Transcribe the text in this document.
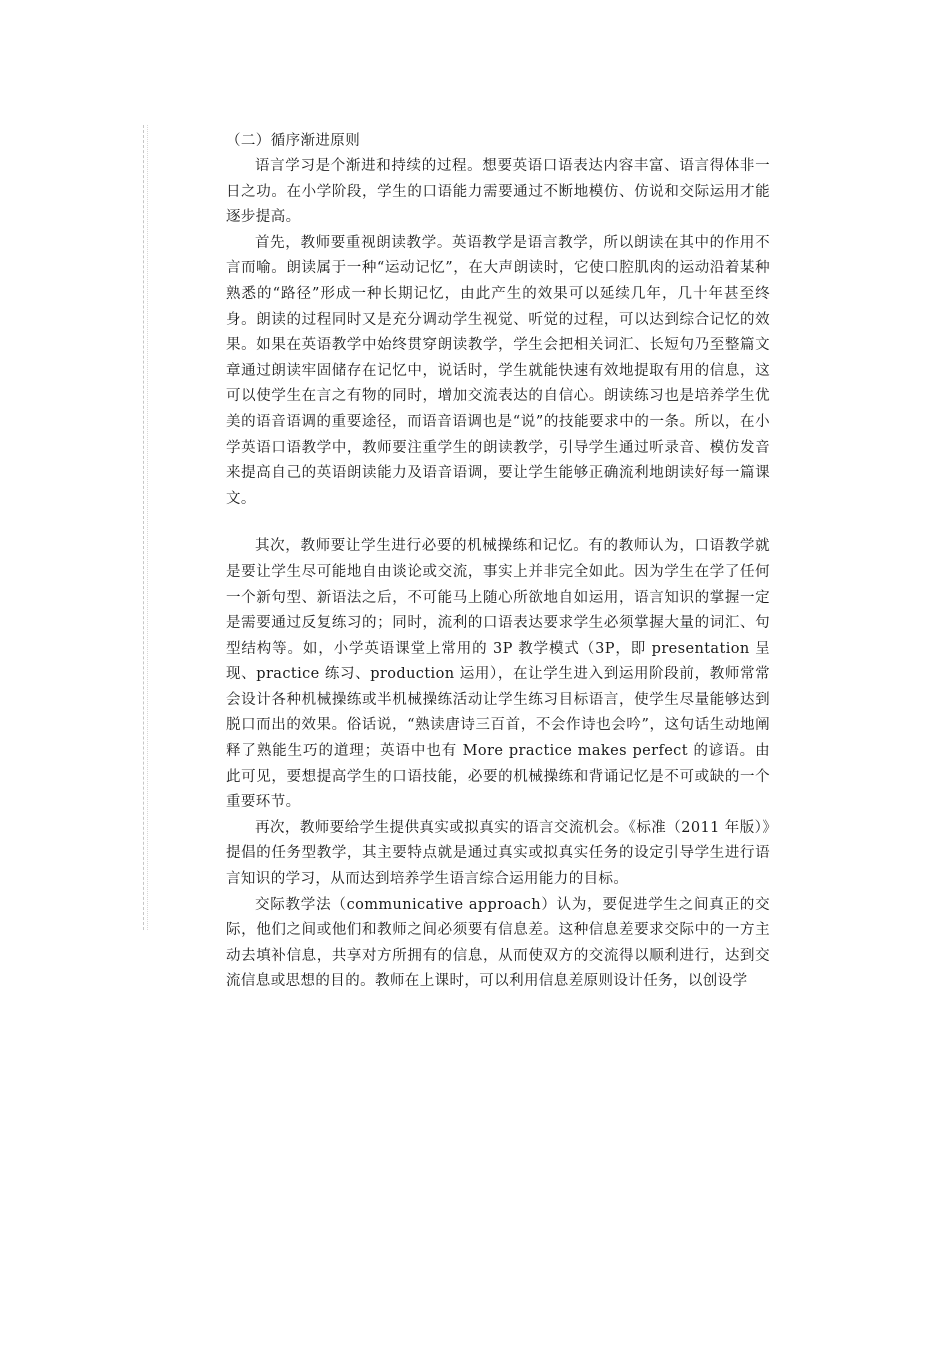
（二）循序渐进原则

语言学习是个渐进和持续的过程。想要英语口语表达内容丰富、语言得体非一日之功。在小学阶段，学生的口语能力需要通过不断地模仿、仿说和交际运用才能逐步提高。

首先，教师要重视朗读教学。英语教学是语言教学，所以朗读在其中的作用不言而喻。朗读属于一种“运动记忆”，在大声朗读时，它使口腔肌肉的运动沿着某种熟悉的“路径”形成一种长期记忆，由此产生的效果可以延续几年，几十年甚至终身。朗读的过程同时又是充分调动学生视觉、听觉的过程，可以达到综合记忆的效果。如果在英语教学中始终贯穿朗读教学，学生会把相关词汇、长短句乃至整篇文章通过朗读牢固储存在记忆中，说话时，学生就能快速有效地提取有用的信息，这可以使学生在言之有物的同时，增加交流表达的自信心。朗读练习也是培养学生优美的语音语调的重要途径，而语音语调也是“说”的技能要求中的一条。所以，在小学英语口语教学中，教师要注重学生的朗读教学，引导学生通过听录音、模仿发音来提高自己的英语朗读能力及语音语调，要让学生能够正确流利地朗读好每一篇课文。

其次，教师要让学生进行必要的机械操练和记忆。有的教师认为，口语教学就是要让学生尽可能地自由谈论或交流，事实上并非完全如此。因为学生在学了任何一个新句型、新语法之后，不可能马上随心所欲地自如运用，语言知识的掌握一定是需要通过反复练习的；同时，流利的口语表达要求学生必须掌握大量的词汇、句型结构等。如，小学英语课堂上常用的 3P 教学模式（3P，即 presentation 呈现、practice 练习、production 运用），在让学生进入到运用阶段前，教师常常会设计各种机械操练或半机械操练活动让学生练习目标语言，使学生尽量能够达到脱口而出的效果。俗话说，“熟读唐诗三百首，不会作诗也会吟”，这句话生动地阐释了熟能生巧的道理；英语中也有 More practice makes perfect 的谚语。由此可见，要想提高学生的口语技能，必要的机械操练和背诵记忆是不可或缺的一个重要环节。

再次，教师要给学生提供真实或拟真实的语言交流机会。《标准（2011 年版）》提倡的任务型教学，其主要特点就是通过真实或拟真实任务的设定引导学生进行语言知识的学习，从而达到培养学生语言综合运用能力的目标。

交际教学法（communicative approach）认为，要促进学生之间真正的交际，他们之间或他们和教师之间必须要有信息差。这种信息差要求交际中的一方主动去填补信息，共享对方所拥有的信息，从而使双方的交流得以顺利进行，达到交流信息或思想的目的。教师在上课时，可以利用信息差原则设计任务，以创设学
